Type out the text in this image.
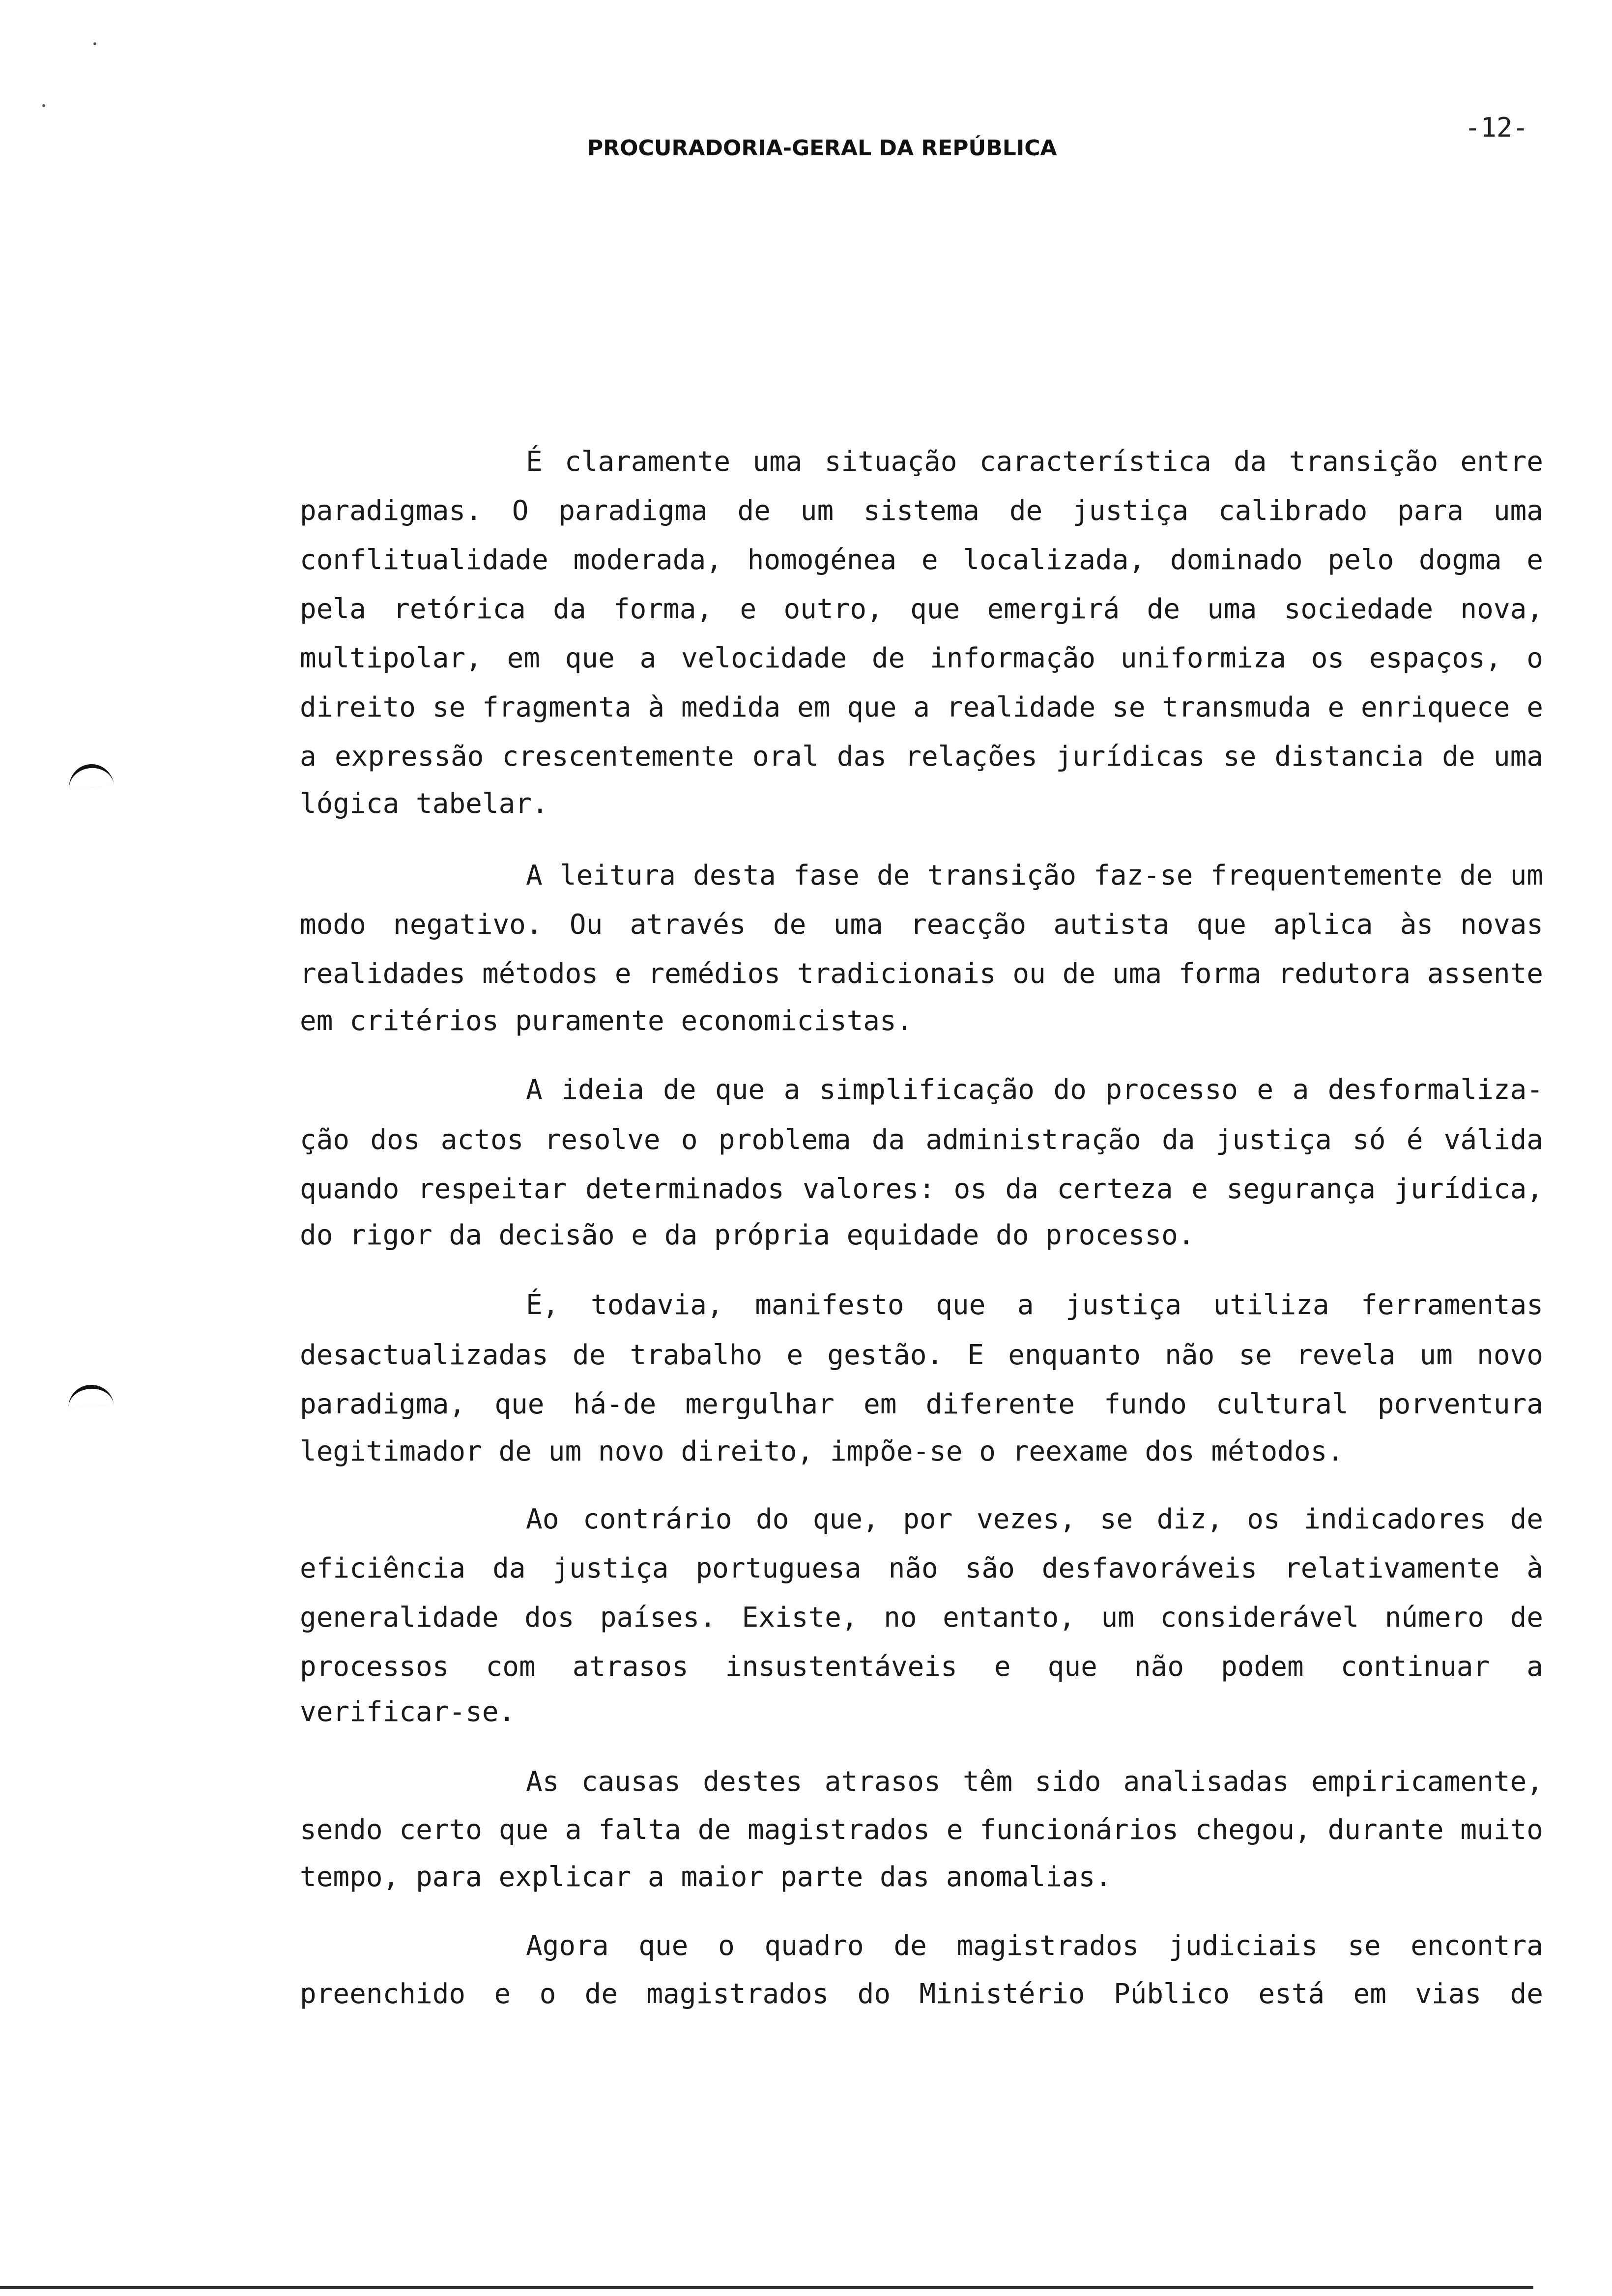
PROCURADORIA-GERAL DA REPÚBLICA
-12-
É claramente uma situação característica da transição entre
paradigmas. O paradigma de um sistema de justiça calibrado para uma
conflitualidade moderada, homogénea e localizada, dominado pelo dogma e
pela retórica da forma, e outro, que emergirá de uma sociedade nova,
multipolar, em que a velocidade de informação uniformiza os espaços, o
direito se fragmenta à medida em que a realidade se transmuda e enriquece e
a expressão crescentemente oral das relações jurídicas se distancia de uma
lógica tabelar.
A leitura desta fase de transição faz-se frequentemente de um
modo negativo. Ou através de uma reacção autista que aplica às novas
realidades métodos e remédios tradicionais ou de uma forma redutora assente
em critérios puramente economicistas.
A ideia de que a simplificação do processo e a desformaliza-
ção dos actos resolve o problema da administração da justiça só é válida
quando respeitar determinados valores: os da certeza e segurança jurídica,
do rigor da decisão e da própria equidade do processo.
É, todavia, manifesto que a justiça utiliza ferramentas
desactualizadas de trabalho e gestão. E enquanto não se revela um novo
paradigma, que há-de mergulhar em diferente fundo cultural porventura
legitimador de um novo direito, impõe-se o reexame dos métodos.
Ao contrário do que, por vezes, se diz, os indicadores de
eficiência da justiça portuguesa não são desfavoráveis relativamente à
generalidade dos países. Existe, no entanto, um considerável número de
processos com atrasos insustentáveis e que não podem continuar a
verificar-se.
As causas destes atrasos têm sido analisadas empiricamente,
sendo certo que a falta de magistrados e funcionários chegou, durante muito
tempo, para explicar a maior parte das anomalias.
Agora que o quadro de magistrados judiciais se encontra
preenchido e o de magistrados do Ministério Público está em vias de
